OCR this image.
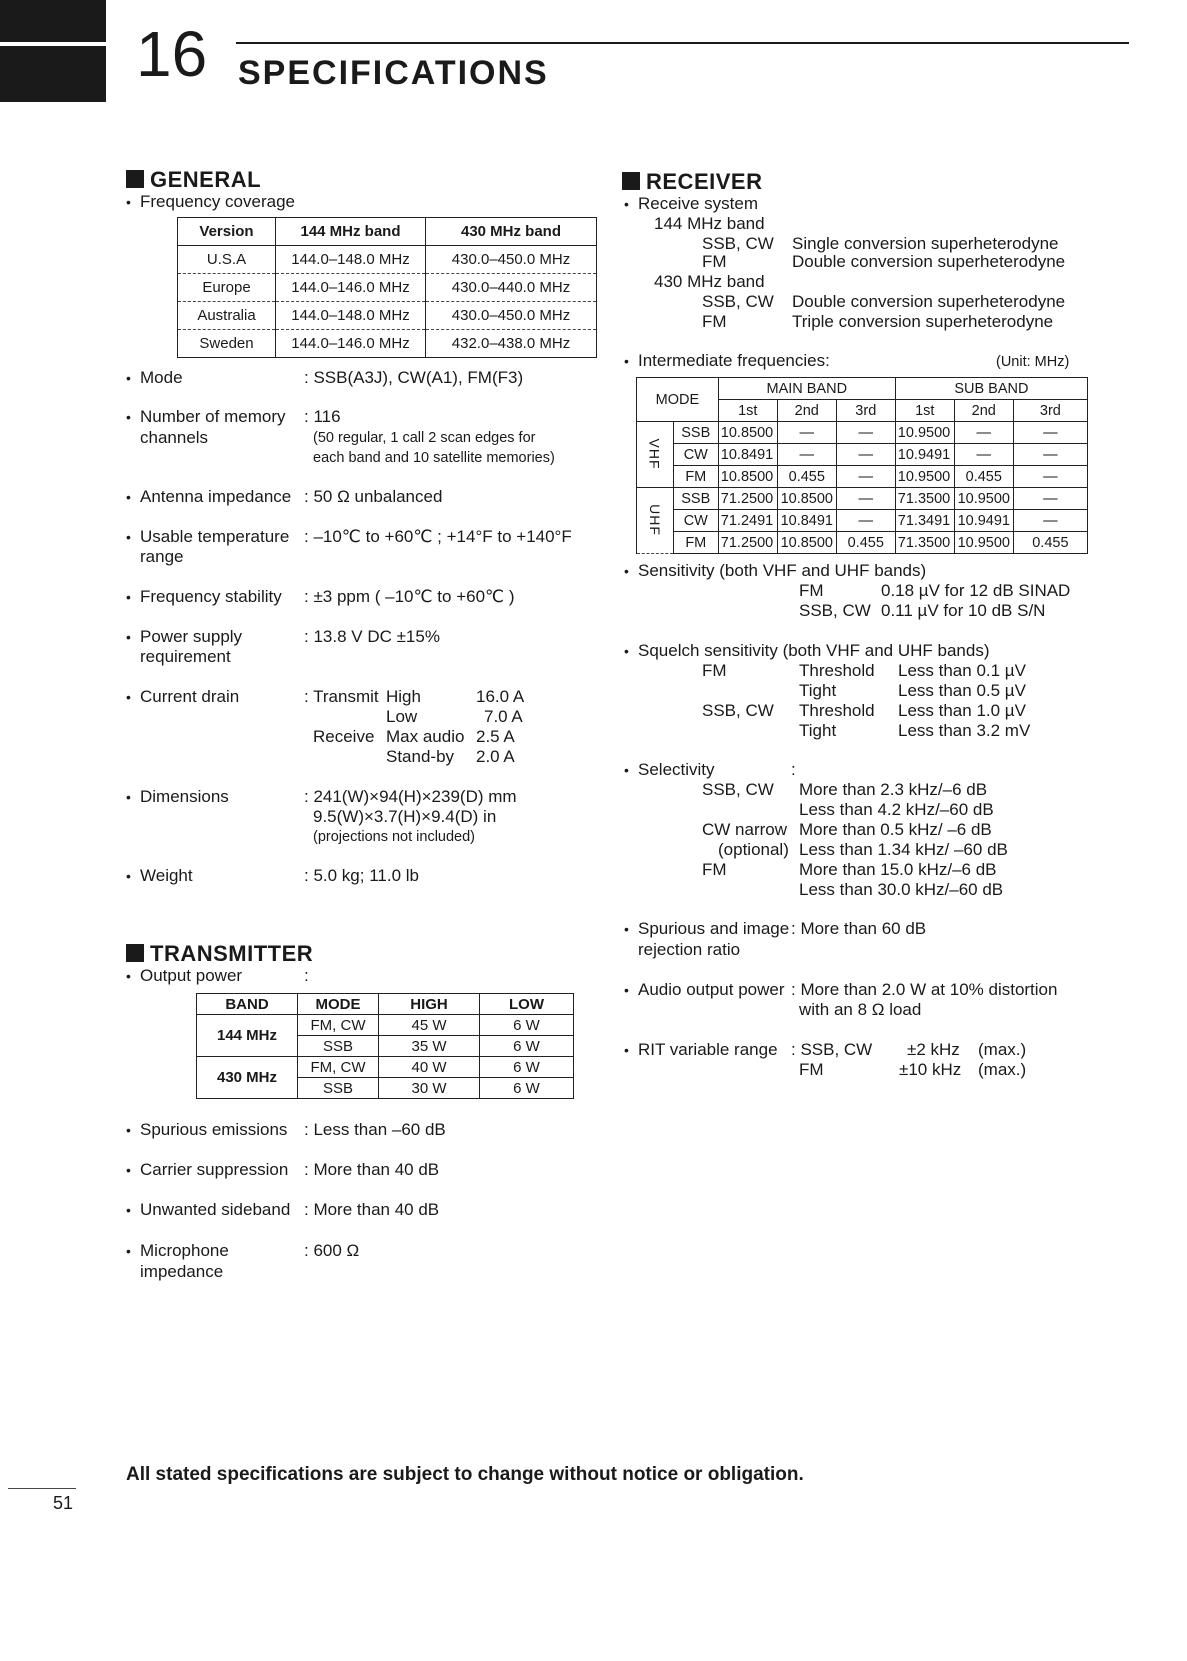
16 SPECIFICATIONS
GENERAL
• Frequency coverage
Version	144 MHz band	430 MHz band
U.S.A	144.0–148.0 MHz	430.0–450.0 MHz
Europe	144.0–146.0 MHz	430.0–440.0 MHz
Australia	144.0–148.0 MHz	430.0–450.0 MHz
Sweden	144.0–146.0 MHz	432.0–438.0 MHz
• Mode	: SSB(A3J), CW(A1), FM(F3)
• Number of memory
channels
: 116
(50 regular, 1 call 2 scan edges for
each band and 10 satellite memories)
• Antenna impedance : 50 Ω unbalanced
• Usable temperature
range
: –10℃ to +60℃ ; +14°F to +140°F
• Frequency stability : ±3 ppm ( –10℃ to +60℃ )
• Power supply
requirement
: 13.8 V DC ±15%
• Current drain	: Transmit High	16.0 A
Low	7.0 A
Receive Max audio 2.5 A
Stand-by 2.0 A
• Dimensions	: 241(W)×94(H)×239(D) mm
9.5(W)×3.7(H)×9.4(D) in
(projections not included)
• Weight	: 5.0 kg; 11.0 lb
TRANSMITTER
• Output power	:
BAND	MODE	HIGH	LOW
144 MHz	FM, CW	45 W	6 W
	SSB	35 W	6 W
430 MHz	FM, CW	40 W	6 W
	SSB	30 W	6 W
• Spurious emissions : Less than –60 dB
• Carrier suppression : More than 40 dB
• Unwanted sideband : More than 40 dB
• Microphone
impedance
: 600 Ω
RECEIVER
• Receive system
144 MHz band
SSB, CW Single conversion superheterodyne
FM	Double conversion superheterodyne
430 MHz band
SSB, CW Double conversion superheterodyne
FM	Triple conversion superheterodyne
• Intermediate frequencies:	(Unit: MHz)
MODE		MAIN BAND			SUB BAND		
		1st	2nd	3rd	1st	2nd	3rd
VHF	SSB	10.8500	—	—	10.9500	—	—
	CW	10.8491	—	—	10.9491	—	—
	FM	10.8500	0.455	—	10.9500	0.455	—
UHF	SSB	71.2500	10.8500	—	71.3500	10.9500	—
	CW	71.2491	10.8491	—	71.3491	10.9491	—
	FM	71.2500	10.8500	0.455	71.3500	10.9500	0.455
• Sensitivity (both VHF and UHF bands)
FM	0.18 µV for 12 dB SINAD
SSB, CW 0.11 µV for 10 dB S/N
• Squelch sensitivity (both VHF and UHF bands)
FM	Threshold Less than 0.1 µV
Tight	Less than 0.5 µV
SSB, CW Threshold Less than 1.0 µV
Tight	Less than 3.2 mV
• Selectivity	:
SSB, CW More than 2.3 kHz/–6 dB
Less than 4.2 kHz/–60 dB
CW narrow
(optional)
More than 0.5 kHz/ –6 dB
Less than 1.34 kHz/ –60 dB
FM	More than 15.0 kHz/–6 dB
Less than 30.0 kHz/–60 dB
• Spurious and image
rejection ratio
: More than 60 dB
• Audio output power : More than 2.0 W at 10% distortion
with an 8 Ω load
• RIT variable range : SSB, CW ±2 kHz (max.)
FM	±10 kHz (max.)
All stated specifications are subject to change without notice or obligation.
51
